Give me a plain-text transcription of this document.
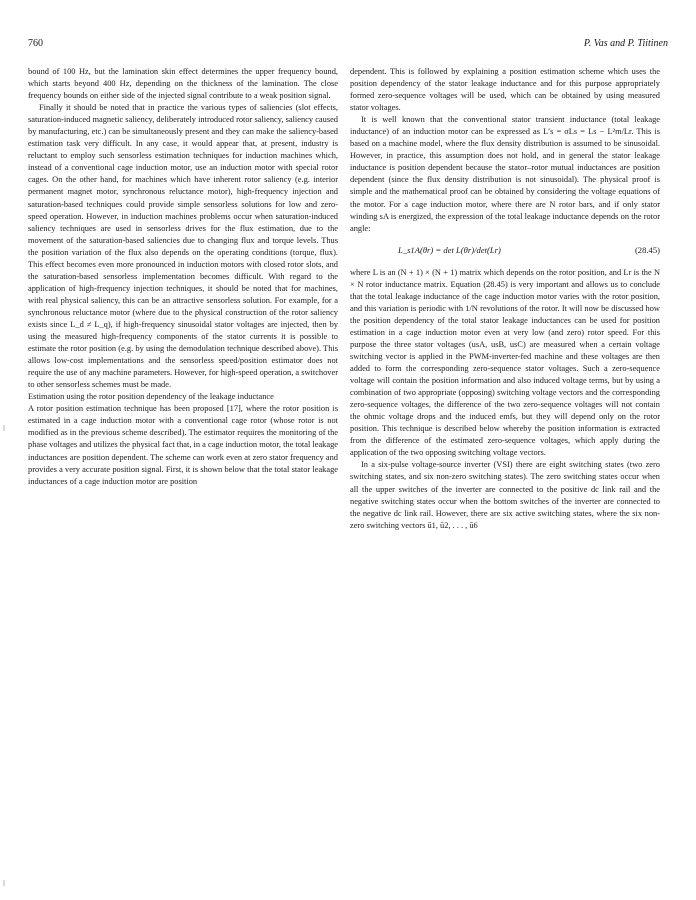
760	P. Vas and P. Tiitinen

bound of 100 Hz, but the lamination skin effect determines the upper frequency bound, which starts beyond 400 Hz, depending on the thickness of the lamination. The close frequency bounds on either side of the injected signal contribute to a weak position signal.

Finally it should be noted that in practice the various types of saliencies (slot effects, saturation-induced magnetic saliency, deliberately introduced rotor saliency, saliency caused by manufacturing, etc.) can be simultaneously present and they can make the saliency-based estimation task very difficult. In any case, it would appear that, at present, industry is reluctant to employ such sensorless estimation techniques for induction machines which, instead of a conventional cage induction motor, use an induction motor with special rotor cages. On the other hand, for machines which have inherent rotor saliency (e.g. interior permanent magnet motor, synchronous reluctance motor), high-frequency injection and saturation-based techniques could provide simple sensorless solutions for low and zero-speed operation. However, in induction machines problems occur when saturation-induced saliency techniques are used in sensorless drives for the flux estimation, due to the movement of the saturation-based saliencies due to changing flux and torque levels. Thus the position variation of the flux also depends on the operating conditions (torque, flux). This effect becomes even more pronounced in induction motors with closed rotor slots, and the saturation-based sensorless implementation becomes difficult. With regard to the application of high-frequency injection techniques, it should be noted that for machines, with real physical saliency, this can be an attractive sensorless solution. For example, for a synchronous reluctance motor (where due to the physical construction of the rotor saliency exists since L_d ≠ L_q), if high-frequency sinusoidal stator voltages are injected, then by using the measured high-frequency components of the stator currents it is possible to estimate the rotor position (e.g. by using the demodulation technique described above). This allows low-cost implementations and the sensorless speed/position estimator does not require the use of any machine parameters. However, for high-speed operation, a switchover to other sensorless schemes must be made.

Estimation using the rotor position dependency of the leakage inductance

A rotor position estimation technique has been proposed [17], where the rotor position is estimated in a cage induction motor with a conventional cage rotor (whose rotor is not modified as in the previous scheme described). The estimator requires the monitoring of the phase voltages and utilizes the physical fact that, in a cage induction motor, the total leakage inductances are position dependent. The scheme can work even at zero stator frequency and provides a very accurate position signal. First, it is shown below that the total stator leakage inductances of a cage induction motor are position

dependent. This is followed by explaining a position estimation scheme which uses the position dependency of the stator leakage inductance and for this purpose appropriately formed zero-sequence voltages will be used, which can be obtained by using measured stator voltages.

It is well known that the conventional stator transient inductance (total leakage inductance) of an induction motor can be expressed as L′s = σLs = Ls − L²m/Lr. This is based on a machine model, where the flux density distribution is assumed to be sinusoidal. However, in practice, this assumption does not hold, and in general the stator leakage inductance is position dependent because the stator–rotor mutual inductances are position dependent (since the flux density distribution is not sinusoidal). The physical proof is simple and the mathematical proof can be obtained by considering the voltage equations of the motor. For a cage induction motor, where there are N rotor bars, and if only stator winding sA is energized, the expression of the total leakage inductance depends on the rotor angle:

L_s1A(θr) = det L(θr)/det(Lr)	(28.45)

where L is an (N + 1) × (N + 1) matrix which depends on the rotor position, and Lr is the N × N rotor inductance matrix. Equation (28.45) is very important and allows us to conclude that the total leakage inductance of the cage induction motor varies with the rotor position, and this variation is periodic with 1/N revolutions of the rotor. It will now be discussed how the position dependency of the total stator leakage inductances can be used for position estimation in a cage induction motor even at very low (and zero) rotor speed. For this purpose the three stator voltages (usA, usB, usC) are measured when a certain voltage switching vector is applied in the PWM-inverter-fed machine and these voltages are then added to form the corresponding zero-sequence stator voltages. Such a zero-sequence voltage will contain the position information and also induced voltage terms, but by using a combination of two appropriate (opposing) switching voltage vectors and the corresponding zero-sequence voltages, the difference of the two zero-sequence voltages will not contain the ohmic voltage drops and the induced emfs, but they will depend only on the rotor position. This technique is described below whereby the position information is extracted from the difference of the estimated zero-sequence voltages, which apply during the application of the two opposing switching voltage vectors.

In a six-pulse voltage-source inverter (VSI) there are eight switching states (two zero switching states, and six non-zero switching states). The zero switching states occur when all the upper switches of the inverter are connected to the positive dc link rail and the negative switching states occur when the bottom switches of the inverter are connected to the negative dc link rail. However, there are six active switching states, where the six non-zero switching vectors ū1, ū2, . . . , ū6
